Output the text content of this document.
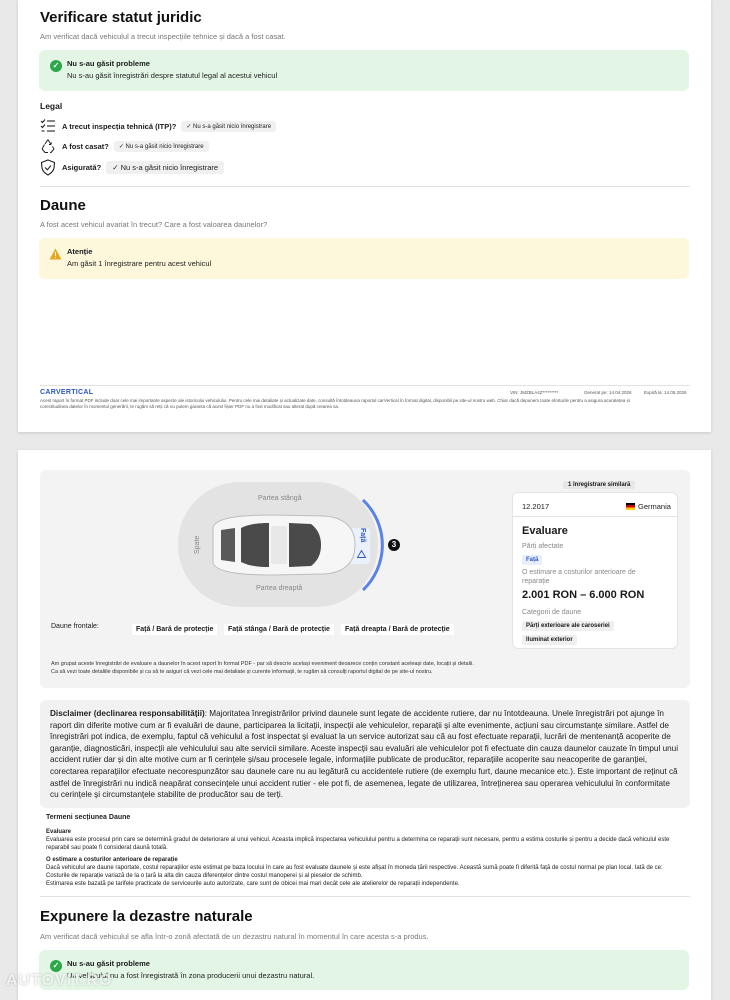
Verificare statut juridic
Am verificat dacă vehiculul a trecut inspecțiile tehnice și dacă a fost casat.
✓	Nu s-au găsit probleme
Nu s-au găsit înregistrări despre statutul legal al acestui vehicul
Legal
A trecut inspecția tehnică (ITP)?	✓ Nu s-a găsit nicio înregistrare
A fost casat?	✓ Nu s-a găsit nicio înregistrare
Asigurată?	✓ Nu s-a găsit nicio înregistrare
Daune
A fost acest vehicul avariat în trecut? Care a fost valoarea daunelor?
Atenție
Am găsit 1 înregistrare pentru acest vehicul
CARVERTICAL	VIN: JMZBLA4Z*********	Generat pe: 14.04.2026	Expiră la: 14.05.2026
Acest raport în format PDF include doar cele mai importante aspecte ale istoricului vehiculului. Pentru cele mai detaliate și actualizate date, consultă întotdeauna raportul carVertical în format digital, disponibil pe site-ul nostru web. Chiar dacă depunem toate eforturile pentru a asigura acuratețea și
corectitudinea datelor în momentul generării, te rugăm să reții că nu putem garanta că acest fișier PDF nu a fost modificat sau alterat după crearea sa.
3
Față
Partea stângă
Partea dreaptă
Spate
Daune frontale:	Față / Bară de protecție	Față stânga / Bară de protecție	Față dreapta / Bară de protecție
1 înregistrare similară
12.2017	Germania
Evaluare
Părți afectate
Față
O estimare a costurilor anterioare de reparație
2.001 RON – 6.000 RON
Categorii de daune
Părți exterioare ale caroseriei
Iluminat exterior
Am grupat aceste înregistrări de evaluare a daunelor în acest raport în format PDF - par să descrie același eveniment deoarece conțin constant aceleași date, locații și detalii.
Ca să vezi toate detaliile disponibile și ca să te asiguri că vezi cele mai detaliate și curente informații, te rugăm să consulți raportul digital de pe site-ul nostru.
Disclaimer (declinarea responsabilității): Majoritatea înregistrărilor privind daunele sunt legate de accidente rutiere, dar nu întotdeauna. Unele înregistrări pot ajunge în raport din diferite motive cum ar fi evaluări de daune, participarea la licitații, inspecții ale vehiculelor, reparații și alte evenimente, acțiuni sau circumstanțe similare. Astfel de înregistrări pot indica, de exemplu, faptul că vehiculul a fost inspectat și evaluat la un service autorizat sau că au fost efectuate reparații, lucrări de mentenanță acoperite de garanție, diagnosticări, inspecții ale vehiculului sau alte servicii similare. Aceste inspecții sau evaluări ale vehiculelor pot fi efectuate din cauza daunelor cauzate în timpul unui accident rutier dar și din alte motive cum ar fi cerințele și/sau procesele legale, informațiile publicate de producător, reparațiile acoperite sau neacoperite de garanției, corectarea reparațiilor efectuate necorespunzător sau daunele care nu au legătură cu accidentele rutiere (de exemplu furt, daune mecanice etc.). Este important de reținut că astfel de înregistrări nu indică neapărat consecințele unui accident rutier - ele pot fi, de asemenea, legate de utilizarea, întreținerea sau operarea vehiculului în conformitate cu cerințele și circumstanțele stabilite de producător sau de terți.
Termeni secțiunea Daune
Evaluare
Evaluarea este procesul prin care se determină gradul de deteriorare al unui vehicul. Aceasta implică inspectarea vehiculului pentru a determina ce reparații sunt necesare, pentru a estima costurile și pentru a decide dacă vehiculul este
reparabil sau poate fi considerat daună totală.
O estimare a costurilor anterioare de reparație
Dacă vehiculul are daune raportate, costul reparațiilor este estimat pe baza locului în care au fost evaluate daunele și este afișat în moneda țării respective. Această sumă poate fi diferită față de costul normal pe plan local. Iată de ce:
Costurile de reparație variază de la o țară la alta din cauza diferențelor dintre costul manoperei și al pieselor de schimb.
Estimarea este bazată pe tarifele practicate de serviceurile auto autorizate, care sunt de obicei mai mari decât cele ale atelierelor de reparații independente.
Expunere la dezastre naturale
Am verificat dacă vehiculul se afla într-o zonă afectată de un dezastru natural în momentul în care acesta s-a produs.
✓	Nu s-au găsit probleme
Un vehiculul nu a fost înregistrată în zona producerii unui dezastru natural.
AUTOVIT.RO
